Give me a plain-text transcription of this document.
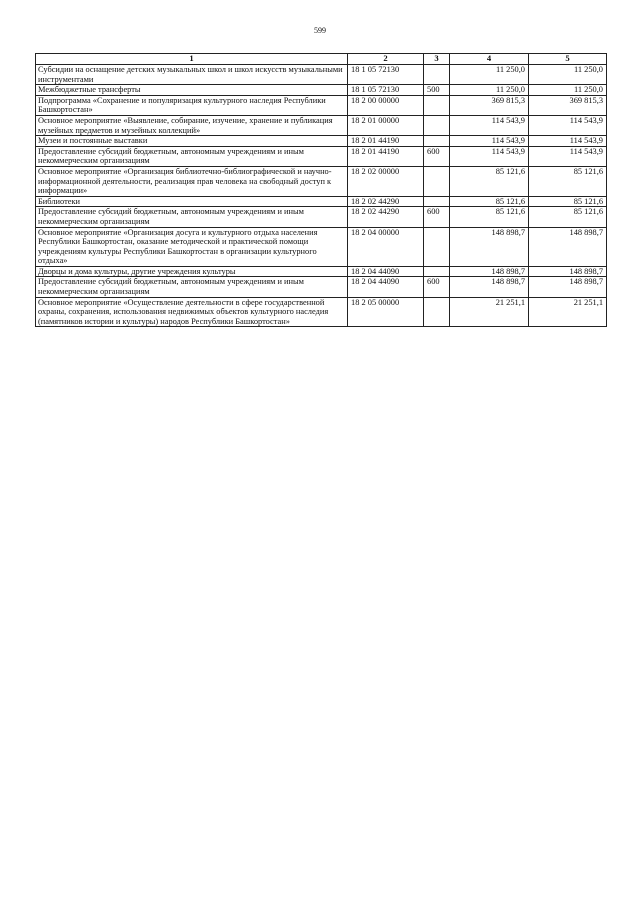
599
1	2	3	4	5
Субсидии на оснащение детских музыкальных школ и школ искусств музыкальными инструментами	18 1 05 72130		11 250,0	11 250,0
Межбюджетные трансферты	18 1 05 72130	500	11 250,0	11 250,0
Подпрограмма «Сохранение и популяризация культурного наследия Республики Башкортостан»	18 2 00 00000		369 815,3	369 815,3
Основное мероприятие «Выявление, собирание, изучение, хранение и публикация музейных предметов и музейных коллекций»	18 2 01 00000		114 543,9	114 543,9
Музеи и постоянные выставки	18 2 01 44190		114 543,9	114 543,9
Предоставление субсидий бюджетным, автономным учреждениям и иным некоммерческим организациям	18 2 01 44190	600	114 543,9	114 543,9
Основное мероприятие «Организация библиотечно-библиографической и научно-информационной деятельности, реализация прав человека на свободный доступ к информации»	18 2 02 00000		85 121,6	85 121,6
Библиотеки	18 2 02 44290		85 121,6	85 121,6
Предоставление субсидий бюджетным, автономным учреждениям и иным некоммерческим организациям	18 2 02 44290	600	85 121,6	85 121,6
Основное мероприятие «Организация досуга и культурного отдыха населения Республики Башкортостан, оказание методической и практической помощи учреждениям культуры Республики Башкортостан в организации культурного отдыха»	18 2 04 00000		148 898,7	148 898,7
Дворцы и дома культуры, другие учреждения культуры	18 2 04 44090		148 898,7	148 898,7
Предоставление субсидий бюджетным, автономным учреждениям и иным некоммерческим организациям	18 2 04 44090	600	148 898,7	148 898,7
Основное мероприятие «Осуществление деятельности в сфере государственной охраны, сохранения, использования недвижимых объектов культурного наследия (памятников истории и культуры) народов Республики Башкортостан»	18 2 05 00000		21 251,1	21 251,1
